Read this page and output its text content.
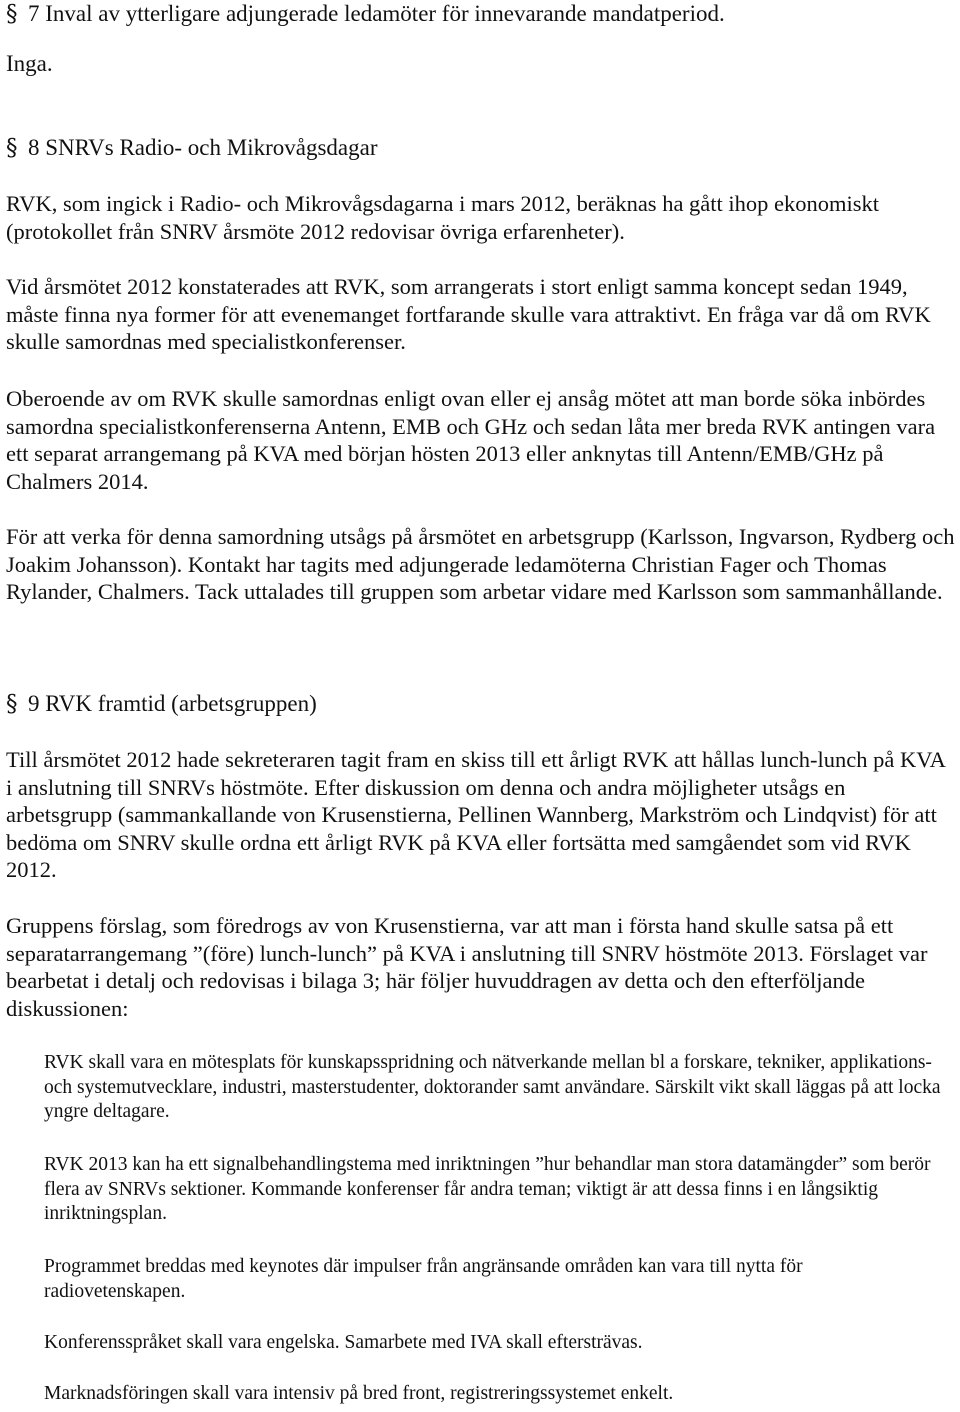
§ 7 Inval av ytterligare adjungerade ledamöter för innevarande mandatperiod.
Inga.
§ 8 SNRVs Radio- och Mikrovågsdagar

RVK, som ingick i Radio- och Mikrovågsdagarna i mars 2012, beräknas ha gått ihop ekonomiskt (protokollet från SNRV årsmöte 2012 redovisar övriga erfarenheter).

Vid årsmötet 2012 konstaterades att RVK, som arrangerats i stort enligt samma koncept sedan 1949, måste finna nya former för att evenemanget fortfarande skulle vara attraktivt. En fråga var då om RVK skulle samordnas med specialistkonferenser.

Oberoende av om RVK skulle samordnas enligt ovan eller ej ansåg mötet att man borde söka inbördes samordna specialistkonferenserna Antenn, EMB och GHz och sedan låta mer breda RVK antingen vara ett separat arrangemang på KVA med början hösten 2013 eller anknytas till Antenn/EMB/GHz på Chalmers 2014.

För att verka för denna samordning utsågs på årsmötet en arbetsgrupp (Karlsson, Ingvarson, Rydberg och Joakim Johansson). Kontakt har tagits med adjungerade ledamöterna Christian Fager och Thomas Rylander, Chalmers. Tack uttalades till gruppen som arbetar vidare med Karlsson som sammanhållande.

§ 9 RVK framtid (arbetsgruppen)

Till årsmötet 2012 hade sekreteraren tagit fram en skiss till ett årligt RVK att hållas lunch-lunch på KVA i anslutning till SNRVs höstmöte. Efter diskussion om denna och andra möjligheter utsågs en arbetsgrupp (sammankallande von Krusenstierna, Pellinen Wannberg, Markström och Lindqvist) för att bedöma om SNRV skulle ordna ett årligt RVK på KVA eller fortsätta med samgåendet som vid RVK 2012.

Gruppens förslag, som föredrogs av von Krusenstierna, var att man i första hand skulle satsa på ett separatarrangemang ”(före) lunch-lunch” på KVA i anslutning till SNRV höstmöte 2013. Förslaget var bearbetat i detalj och redovisas i bilaga 3; här följer huvuddragen av detta och den efterföljande diskussionen:

RVK skall vara en mötesplats för kunskapsspridning och nätverkande mellan bl a forskare, tekniker, applikations- och systemutvecklare, industri, masterstudenter, doktorander samt användare. Särskilt vikt skall läggas på att locka yngre deltagare.

RVK 2013 kan ha ett signalbehandlingstema med inriktningen ”hur behandlar man stora datamängder” som berör flera av SNRVs sektioner. Kommande konferenser får andra teman; viktigt är att dessa finns i en långsiktig inriktningsplan.

Programmet breddas med keynotes där impulser från angränsande områden kan vara till nytta för radiovetenskapen.

Konferensspråket skall vara engelska. Samarbete med IVA skall eftersträvas.

Marknadsföringen skall vara intensiv på bred front, registreringssystemet enkelt.
